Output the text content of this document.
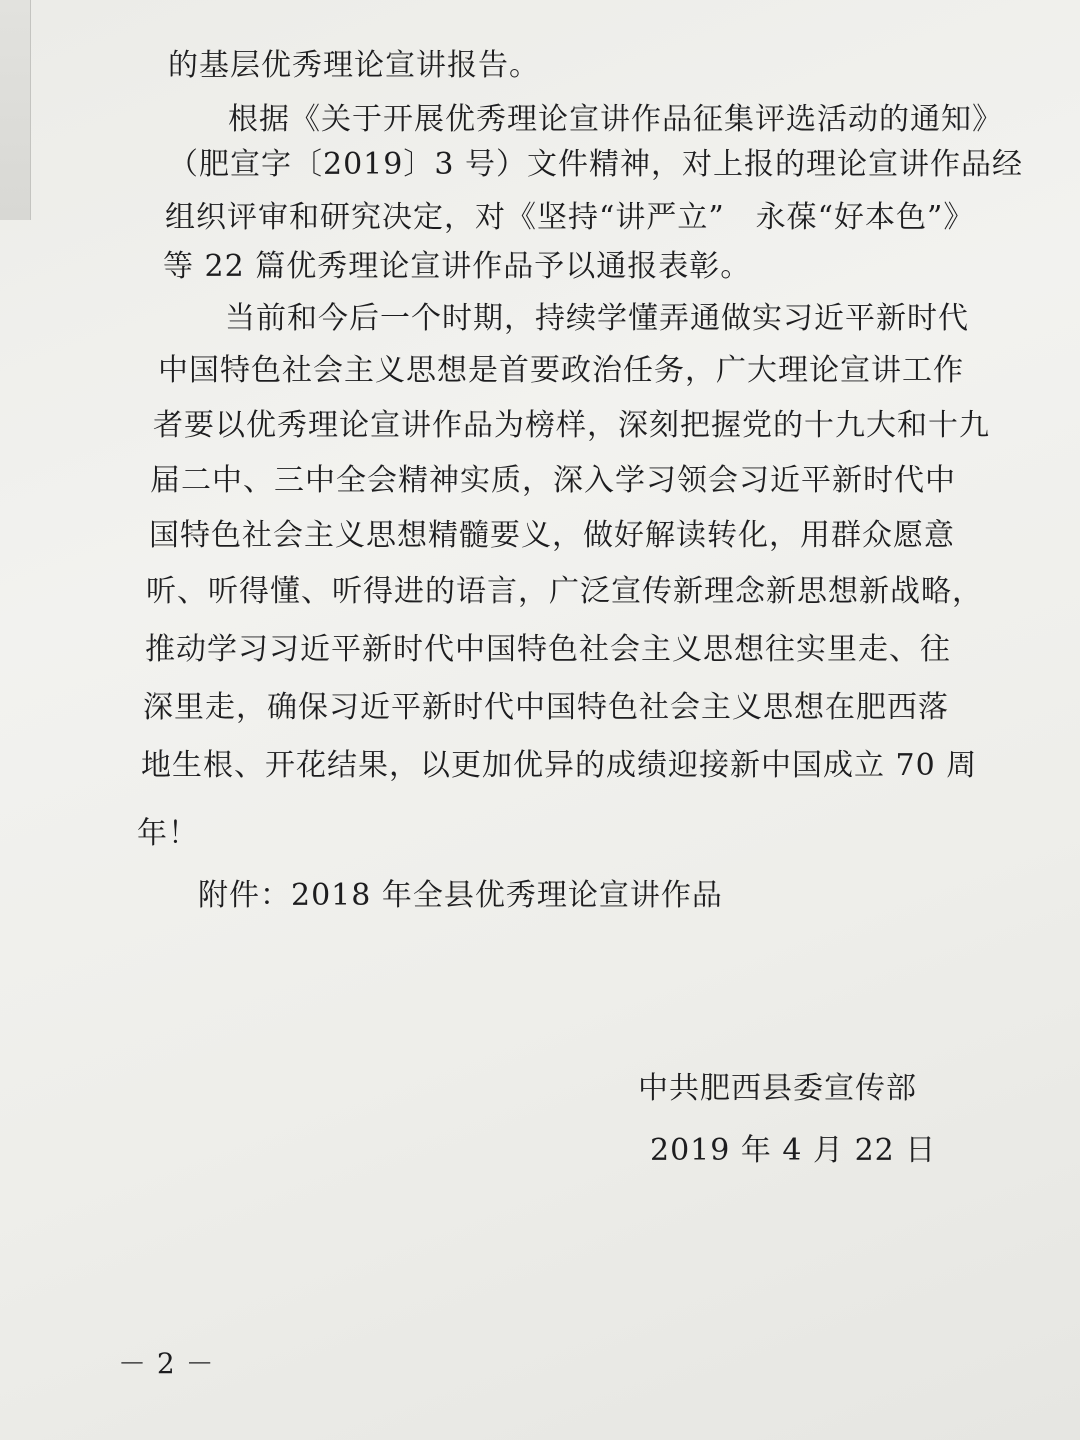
的基层优秀理论宣讲报告。
根据《关于开展优秀理论宣讲作品征集评选活动的通知》
（肥宣字〔2019〕3 号）文件精神，对上报的理论宣讲作品经
组织评审和研究决定，对《坚持“讲严立”　永葆“好本色”》
等 22 篇优秀理论宣讲作品予以通报表彰。
当前和今后一个时期，持续学懂弄通做实习近平新时代
中国特色社会主义思想是首要政治任务，广大理论宣讲工作
者要以优秀理论宣讲作品为榜样，深刻把握党的十九大和十九
届二中、三中全会精神实质，深入学习领会习近平新时代中
国特色社会主义思想精髓要义，做好解读转化，用群众愿意
听、听得懂、听得进的语言，广泛宣传新理念新思想新战略，
推动学习习近平新时代中国特色社会主义思想往实里走、往
深里走，确保习近平新时代中国特色社会主义思想在肥西落
地生根、开花结果，以更加优异的成绩迎接新中国成立 70 周
年！
附件：2018 年全县优秀理论宣讲作品

中共肥西县委宣传部
2019 年 4 月 22 日
－ 2 －
